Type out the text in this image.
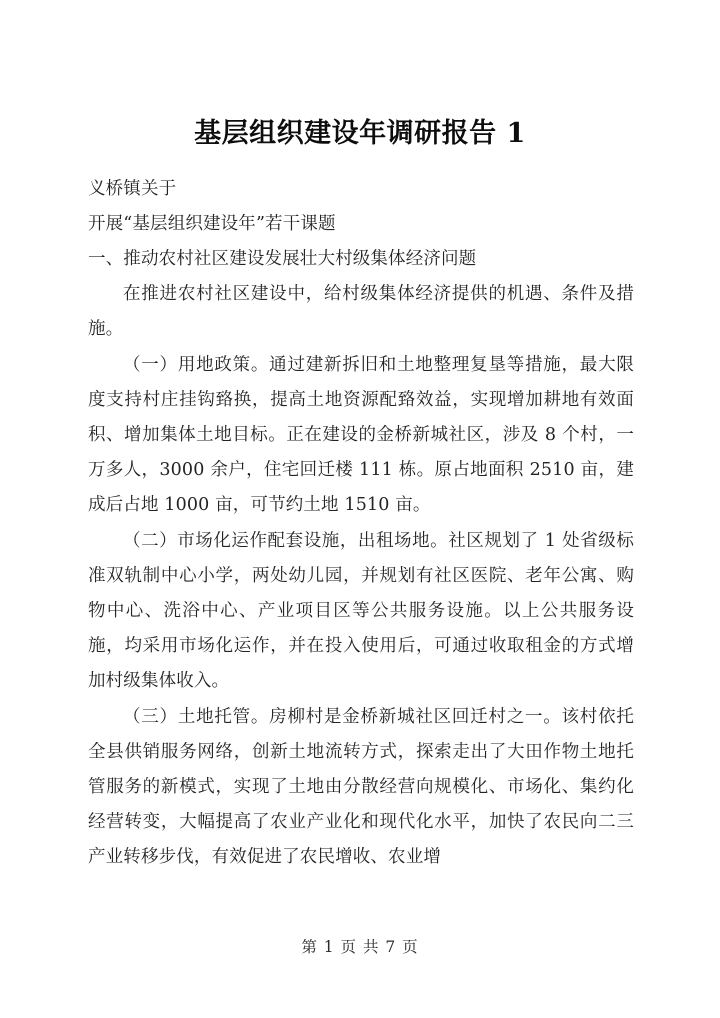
基层组织建设年调研报告 1

义桥镇关于

开展“基层组织建设年”若干课题

一、推动农村社区建设发展壮大村级集体经济问题

在推进农村社区建设中，给村级集体经济提供的机遇、条件及措施。

（一）用地政策。通过建新拆旧和土地整理复垦等措施，最大限度支持村庄挂钩臵换，提高土地资源配臵效益，实现增加耕地有效面积、增加集体土地目标。正在建设的金桥新城社区，涉及 8 个村，一万多人，3000 余户，住宅回迁楼 111 栋。原占地面积 2510 亩，建成后占地 1000 亩，可节约土地 1510 亩。

（二）市场化运作配套设施，出租场地。社区规划了 1 处省级标准双轨制中心小学，两处幼儿园，并规划有社区医院、老年公寓、购物中心、洗浴中心、产业项目区等公共服务设施。以上公共服务设施，均采用市场化运作，并在投入使用后，可通过收取租金的方式增加村级集体收入。

（三）土地托管。房柳村是金桥新城社区回迁村之一。该村依托全县供销服务网络，创新土地流转方式，探索走出了大田作物土地托管服务的新模式，实现了土地由分散经营向规模化、市场化、集约化经营转变，大幅提高了农业产业化和现代化水平，加快了农民向二三产业转移步伐，有效促进了农民增收、农业增

第 1 页 共 7 页
